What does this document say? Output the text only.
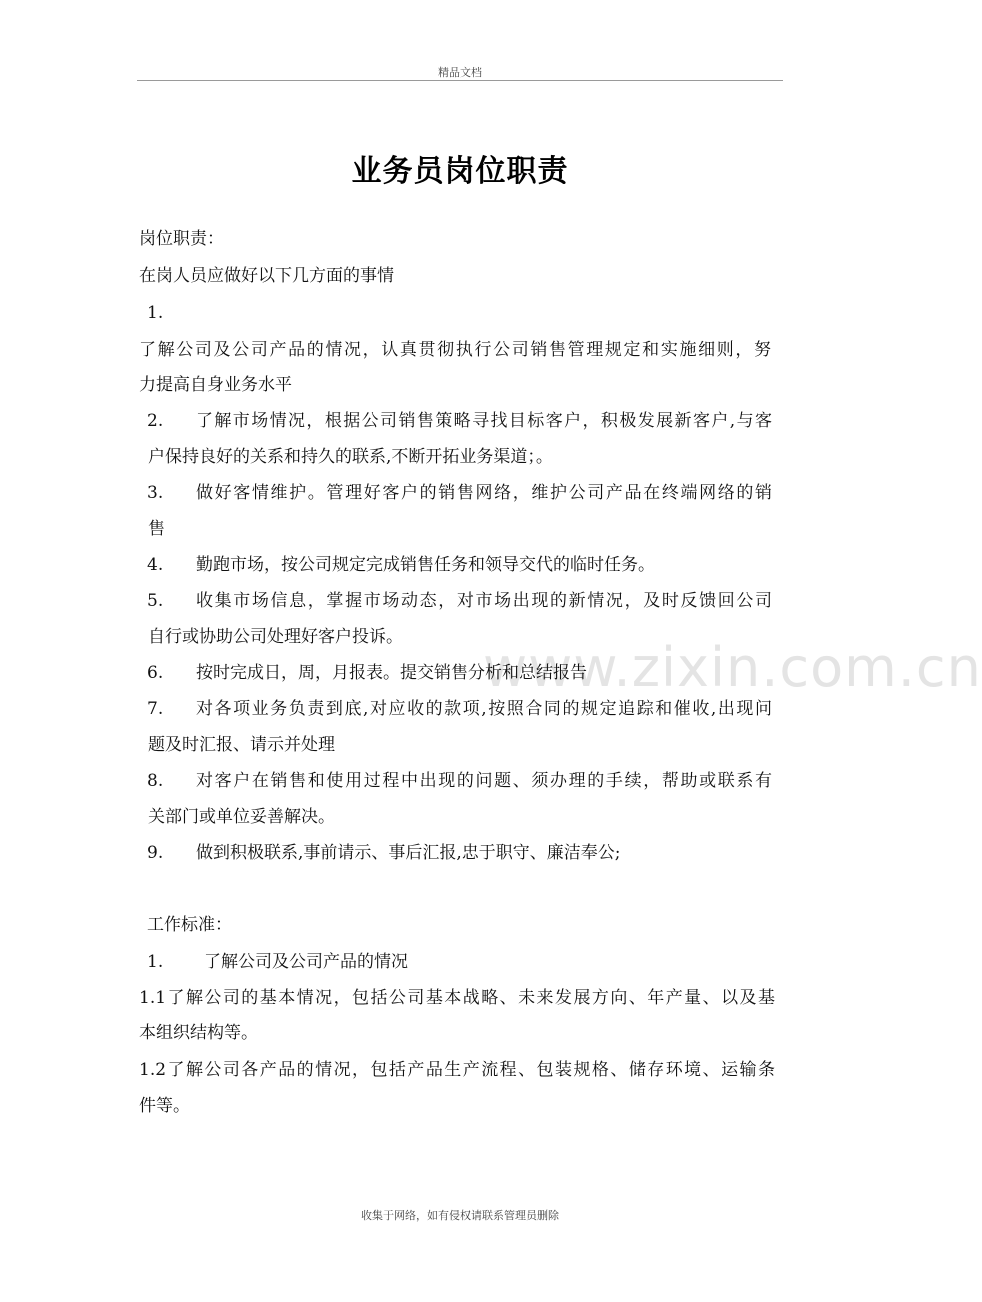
www.zixin.com.cn
精品文档
业务员岗位职责
岗位职责：
在岗人员应做好以下几方面的事情
1.
了解公司及公司产品的情况，认真贯彻执行公司销售管理规定和实施细则，努
力提高自身业务水平
2. 了解市场情况，根据公司销售策略寻找目标客户，积极发展新客户,与客
户保持良好的关系和持久的联系,不断开拓业务渠道；。
3. 做好客情维护。管理好客户的销售网络，维护公司产品在终端网络的销
售
4. 勤跑市场，按公司规定完成销售任务和领导交代的临时任务。
5. 收集市场信息，掌握市场动态，对市场出现的新情况，及时反馈回公司
自行或协助公司处理好客户投诉。
6. 按时完成日，周，月报表。提交销售分析和总结报告
7. 对各项业务负责到底,对应收的款项,按照合同的规定追踪和催收,出现问
题及时汇报、请示并处理
8. 对客户在销售和使用过程中出现的问题、须办理的手续，帮助或联系有
关部门或单位妥善解决。
9. 做到积极联系,事前请示、事后汇报,忠于职守、廉洁奉公;
工作标准：
1. 了解公司及公司产品的情况
1.1了解公司的基本情况，包括公司基本战略、未来发展方向、年产量、以及基
本组织结构等。
1.2了解公司各产品的情况，包括产品生产流程、包装规格、储存环境、运输条
件等。
收集于网络，如有侵权请联系管理员删除
